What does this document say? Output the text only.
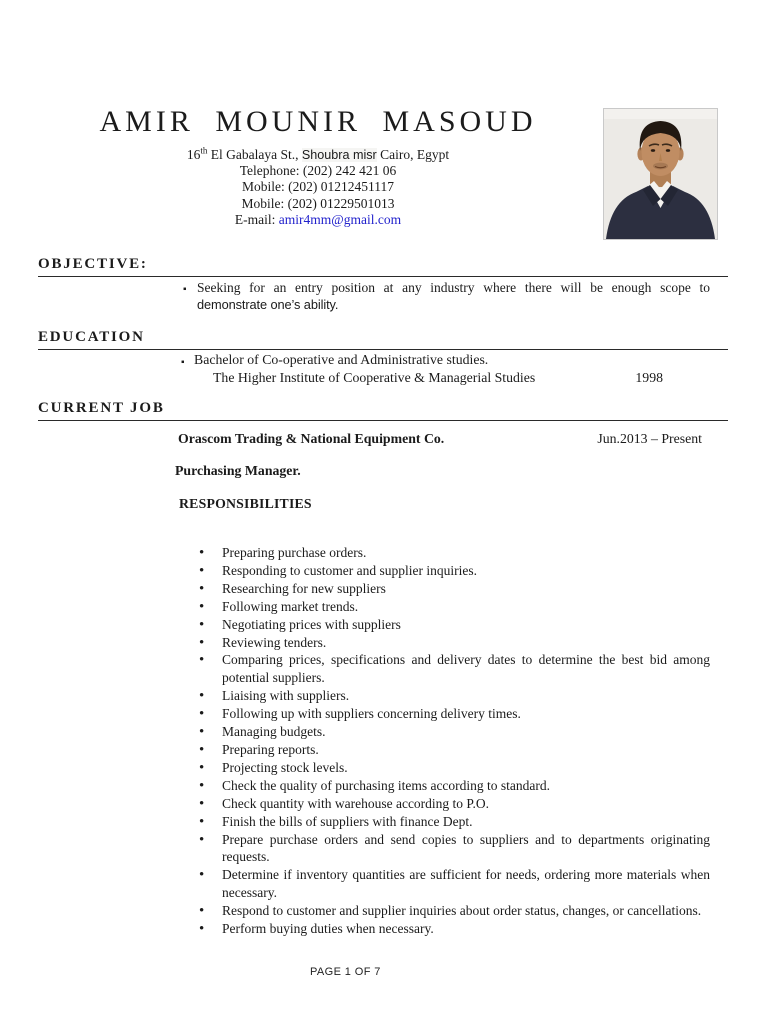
AMIR MOUNIR MASOUD
16th El Gabalaya St., Shoubra misr Cairo, Egypt
Telephone: (202) 242 421 06
Mobile: (202) 01212451117
Mobile: (202) 01229501013
E-mail: amir4mm@gmail.com
OBJECTIVE:
▪
Seeking for an entry position at any industry where there will be enough scope to
demonstrate one’s ability.
EDUCATION
▪
Bachelor of Co-operative and Administrative studies.
The Higher Institute of Cooperative & Managerial Studies	1998
CURRENT JOB
Orascom Trading & National Equipment Co.	Jun.2013 – Present
Purchasing Manager.
RESPONSIBILITIES
•
Preparing purchase orders.
•
Responding to customer and supplier inquiries.
•
Researching for new suppliers
•
Following market trends.
•
Negotiating prices with suppliers
•
Reviewing tenders.
•
Comparing prices, specifications and delivery dates to determine the best bid among potential suppliers.
•
Liaising with suppliers.
•
Following up with suppliers concerning delivery times.
•
Managing budgets.
•
Preparing reports.
•
Projecting stock levels.
•
Check the quality of purchasing items according to standard.
•
Check quantity with warehouse according to P.O.
•
Finish the bills of suppliers with finance Dept.
•
Prepare purchase orders and send copies to suppliers and to departments originating requests.
•
Determine if inventory quantities are sufficient for needs, ordering more materials when necessary.
•
Respond to customer and supplier inquiries about order status, changes, or cancellations.
•
Perform buying duties when necessary.
PAGE 1 OF 7
